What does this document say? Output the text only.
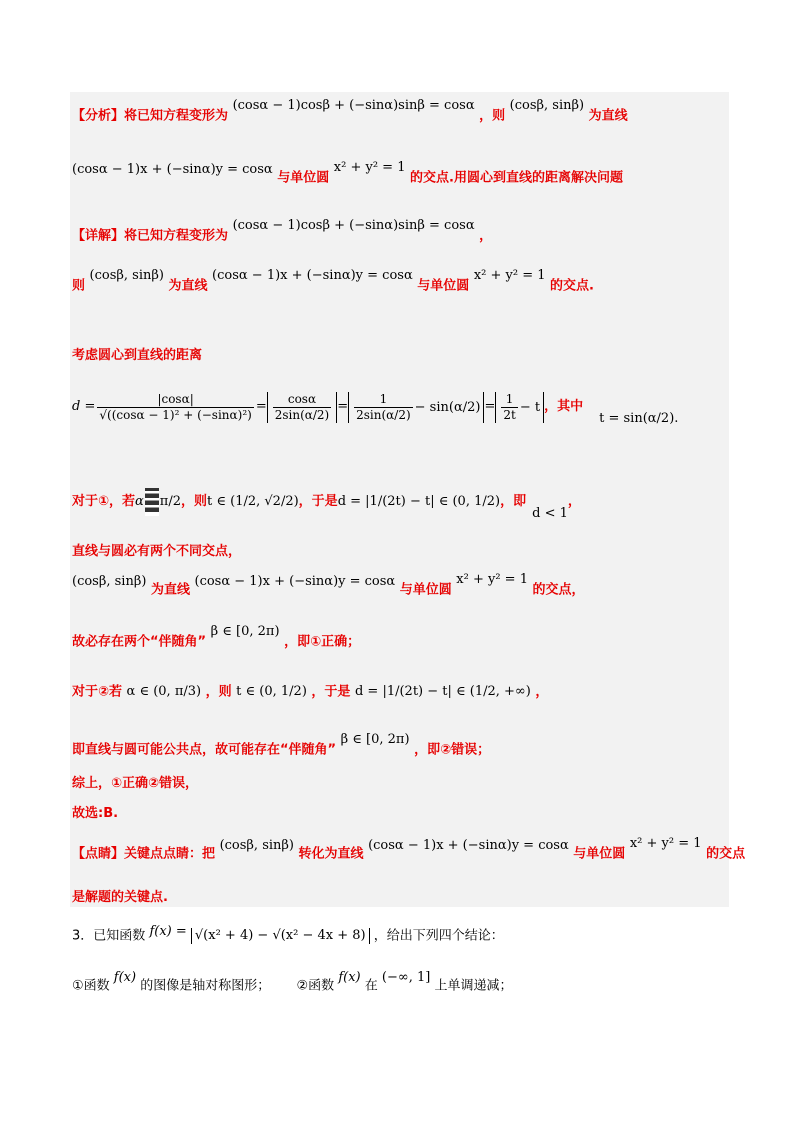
【分析】将已知方程变形为 (cosα − 1)cosβ + (−sinα)sinβ = cosα ，则 (cosβ, sinβ) 为直线
(cosα − 1)x + (−sinα)y = cosα 与单位圆 x² + y² = 1 的交点.用圆心到直线的距离解决问题
【详解】将已知方程变形为 (cosα − 1)cosβ + (−sinα)sinβ = cosα ，
则 (cosβ, sinβ) 为直线 (cosα − 1)x + (−sinα)y = cosα 与单位圆 x² + y² = 1 的交点.
考虑圆心到直线的距离
$d = \frac{|\cos\alpha|}{\text{√((cosα − 1)² + (−sinα)²)}} = \frac{\cos\alpha}{2\sin(\alpha/2)} = \frac{1}{2\sin(\alpha/2)} - \sin(\alpha/2) = \frac{1}{2t} - t$ ，其中
t = sin(α/2).
对于①，若 α π/2 ，则 t ∈ (1/2, √2/2) ，于是 d = |1/(2t) − t| ∈ (0, 1/2) ，即
d < 1
，
直线与圆必有两个不同交点，
(cosβ, sinβ) 为直线 (cosα − 1)x + (−sinα)y = cosα 与单位圆 x² + y² = 1 的交点，
故必存在两个“伴随角” β ∈ [0, 2π) ，即①正确；
对于②若 α ∈ (0, π/3) ，则 t ∈ (0, 1/2) ，于是 d = |1/(2t) − t| ∈ (1/2, +∞) ，
即直线与圆可能公共点，故可能存在“伴随角” β ∈ [0, 2π) ，即②错误；
综上，①正确②错误，
故选:B.
【点睛】关键点点睛：把 (cosβ, sinβ) 转化为直线 (cosα − 1)x + (−sinα)y = cosα 与单位圆 x² + y² = 1 的交点
是解题的关键点.
3．已知函数 f(x) = √(x² + 4) − √(x² − 4x + 8) ，给出下列四个结论：
①函数 f(x) 的图像是轴对称图形； ②函数 f(x) 在 (−∞, 1] 上单调递减；
